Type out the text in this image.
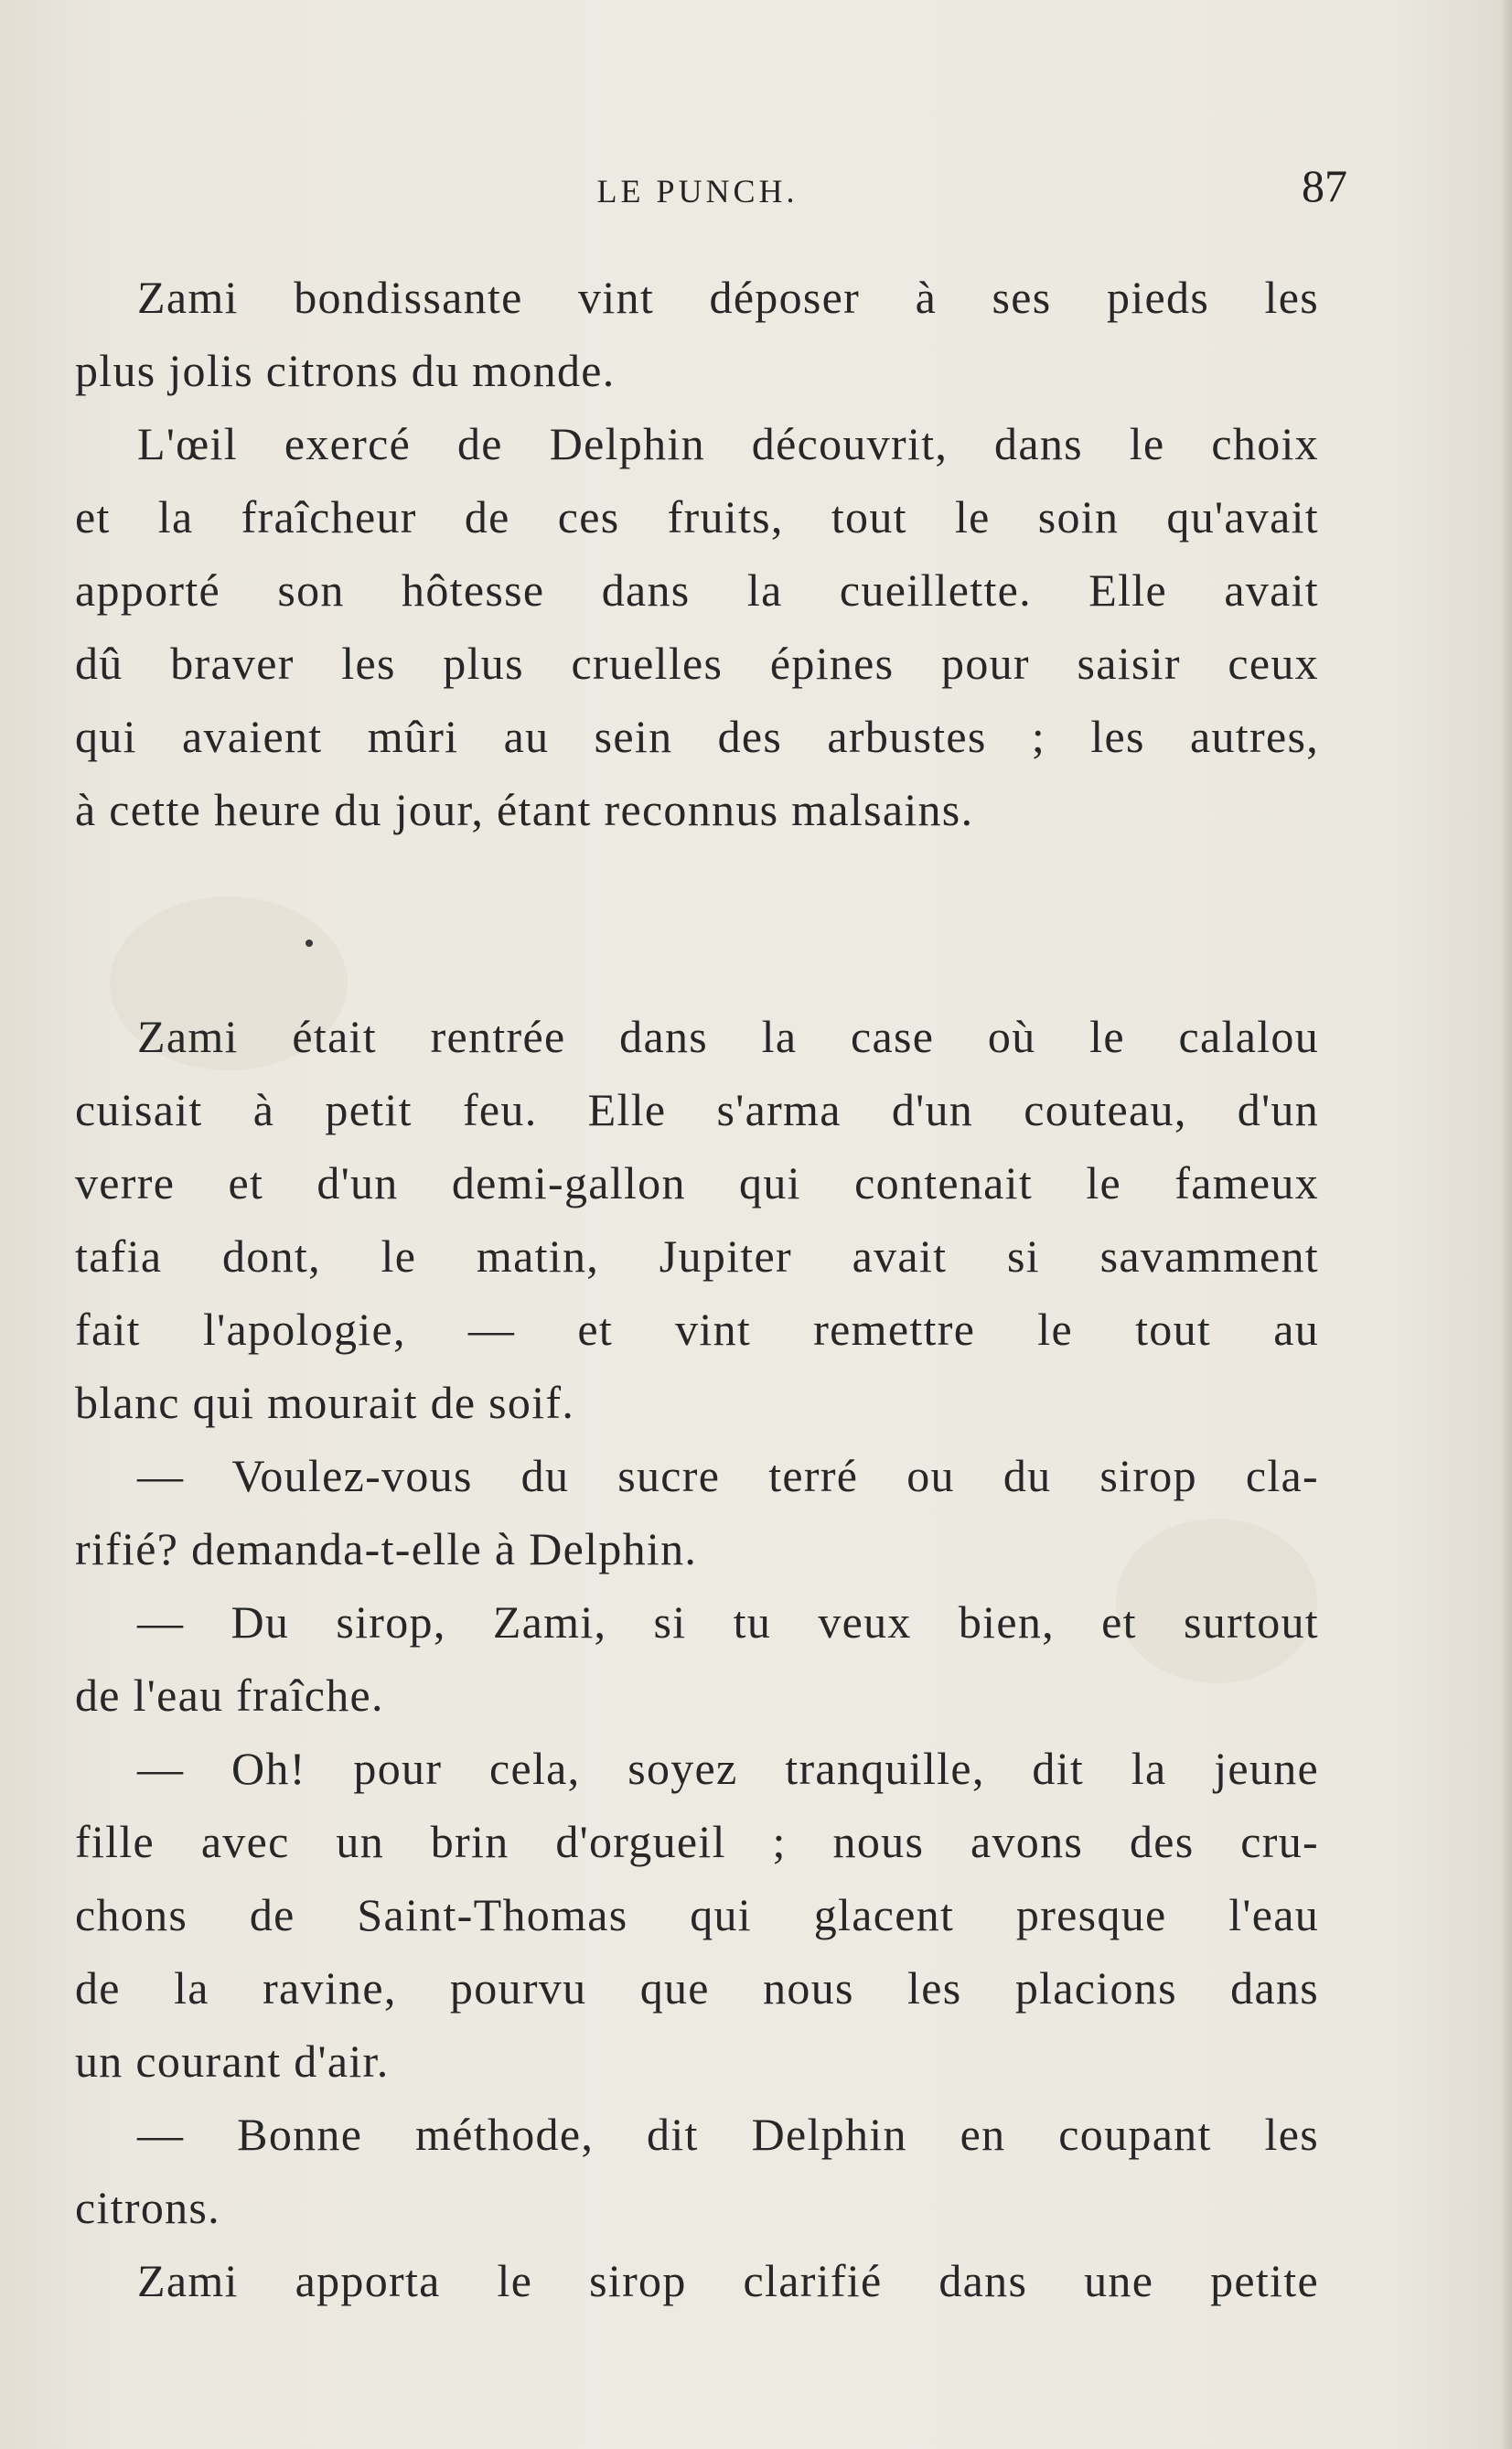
LE PUNCH.	87
Zami bondissante vint déposer à ses pieds les
plus jolis citrons du monde.
L'œil exercé de Delphin découvrit, dans le choix
et la fraîcheur de ces fruits, tout le soin qu'avait
apporté son hôtesse dans la cueillette. Elle avait
dû braver les plus cruelles épines pour saisir ceux
qui avaient mûri au sein des arbustes ; les autres,
à cette heure du jour, étant reconnus malsains.
Zami était rentrée dans la case où le calalou
cuisait à petit feu. Elle s'arma d'un couteau, d'un
verre et d'un demi-gallon qui contenait le fameux
tafia dont, le matin, Jupiter avait si savamment
fait l'apologie, — et vint remettre le tout au
blanc qui mourait de soif.
— Voulez-vous du sucre terré ou du sirop cla-
rifié? demanda-t-elle à Delphin.
— Du sirop, Zami, si tu veux bien, et surtout
de l'eau fraîche.
— Oh! pour cela, soyez tranquille, dit la jeune
fille avec un brin d'orgueil ; nous avons des cru-
chons de Saint-Thomas qui glacent presque l'eau
de la ravine, pourvu que nous les placions dans
un courant d'air.
— Bonne méthode, dit Delphin en coupant les
citrons.
Zami apporta le sirop clarifié dans une petite
